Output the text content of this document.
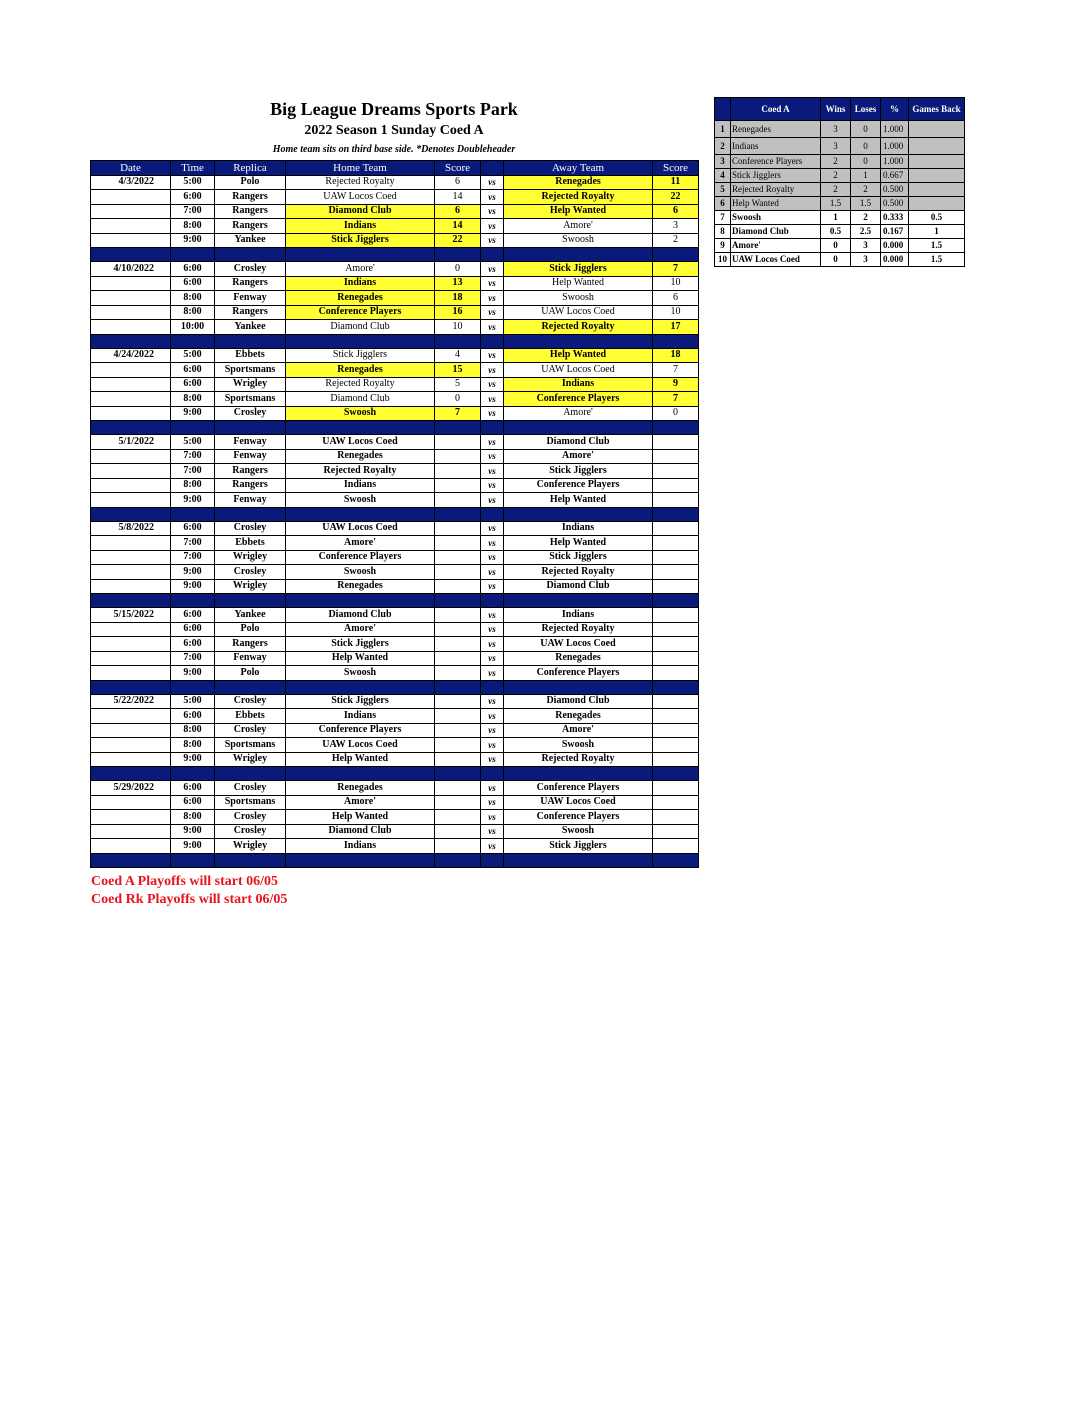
Big League Dreams Sports Park
2022 Season 1 Sunday Coed A
Home team sits on third base side. *Denotes Doubleheader
Date	Time	Replica	Home Team	Score		Away Team	Score
4/3/2022	5:00	Polo	Rejected Royalty	6	vs	Renegades	11
	6:00	Rangers	UAW Locos Coed	14	vs	Rejected Royalty	22
	7:00	Rangers	Diamond Club	6	vs	Help Wanted	6
	8:00	Rangers	Indians	14	vs	Amore'	3
	9:00	Yankee	Stick Jigglers	22	vs	Swoosh	2

4/10/2022	6:00	Crosley	Amore'	0	vs	Stick Jigglers	7
	6:00	Rangers	Indians	13	vs	Help Wanted	10
	8:00	Fenway	Renegades	18	vs	Swoosh	6
	8:00	Rangers	Conference Players	16	vs	UAW Locos Coed	10
	10:00	Yankee	Diamond Club	10	vs	Rejected Royalty	17

4/24/2022	5:00	Ebbets	Stick Jigglers	4	vs	Help Wanted	18
	6:00	Sportsmans	Renegades	15	vs	UAW Locos Coed	7
	6:00	Wrigley	Rejected Royalty	5	vs	Indians	9
	8:00	Sportsmans	Diamond Club	0	vs	Conference Players	7
	9:00	Crosley	Swoosh	7	vs	Amore'	0

5/1/2022	5:00	Fenway	UAW Locos Coed		vs	Diamond Club	
	7:00	Fenway	Renegades		vs	Amore'	
	7:00	Rangers	Rejected Royalty		vs	Stick Jigglers	
	8:00	Rangers	Indians		vs	Conference Players	
	9:00	Fenway	Swoosh		vs	Help Wanted	

5/8/2022	6:00	Crosley	UAW Locos Coed		vs	Indians	
	7:00	Ebbets	Amore'		vs	Help Wanted	
	7:00	Wrigley	Conference Players		vs	Stick Jigglers	
	9:00	Crosley	Swoosh		vs	Rejected Royalty	
	9:00	Wrigley	Renegades		vs	Diamond Club	

5/15/2022	6:00	Yankee	Diamond Club		vs	Indians	
	6:00	Polo	Amore'		vs	Rejected Royalty	
	6:00	Rangers	Stick Jigglers		vs	UAW Locos Coed	
	7:00	Fenway	Help Wanted		vs	Renegades	
	9:00	Polo	Swoosh		vs	Conference Players	

5/22/2022	5:00	Crosley	Stick Jigglers		vs	Diamond Club	
	6:00	Ebbets	Indians		vs	Renegades	
	8:00	Crosley	Conference Players		vs	Amore'	
	8:00	Sportsmans	UAW Locos Coed		vs	Swoosh	
	9:00	Wrigley	Help Wanted		vs	Rejected Royalty	

5/29/2022	6:00	Crosley	Renegades		vs	Conference Players	
	6:00	Sportsmans	Amore'		vs	UAW Locos Coed	
	8:00	Crosley	Help Wanted		vs	Conference Players	
	9:00	Crosley	Diamond Club		vs	Swoosh	
	9:00	Wrigley	Indians		vs	Stick Jigglers	

	Coed A	Wins	Loses	%	Games Back
1	Renegades	3	0	1.000	
2	Indians	3	0	1.000	
3	Conference Players	2	0	1.000	
4	Stick Jigglers	2	1	0.667	
5	Rejected Royalty	2	2	0.500	
6	Help Wanted	1.5	1.5	0.500	
7	Swoosh	1	2	0.333	0.5
8	Diamond Club	0.5	2.5	0.167	1
9	Amore'	0	3	0.000	1.5
10	UAW Locos Coed	0	3	0.000	1.5
Coed A Playoffs will start 06/05
Coed Rk Playoffs will start 06/05
